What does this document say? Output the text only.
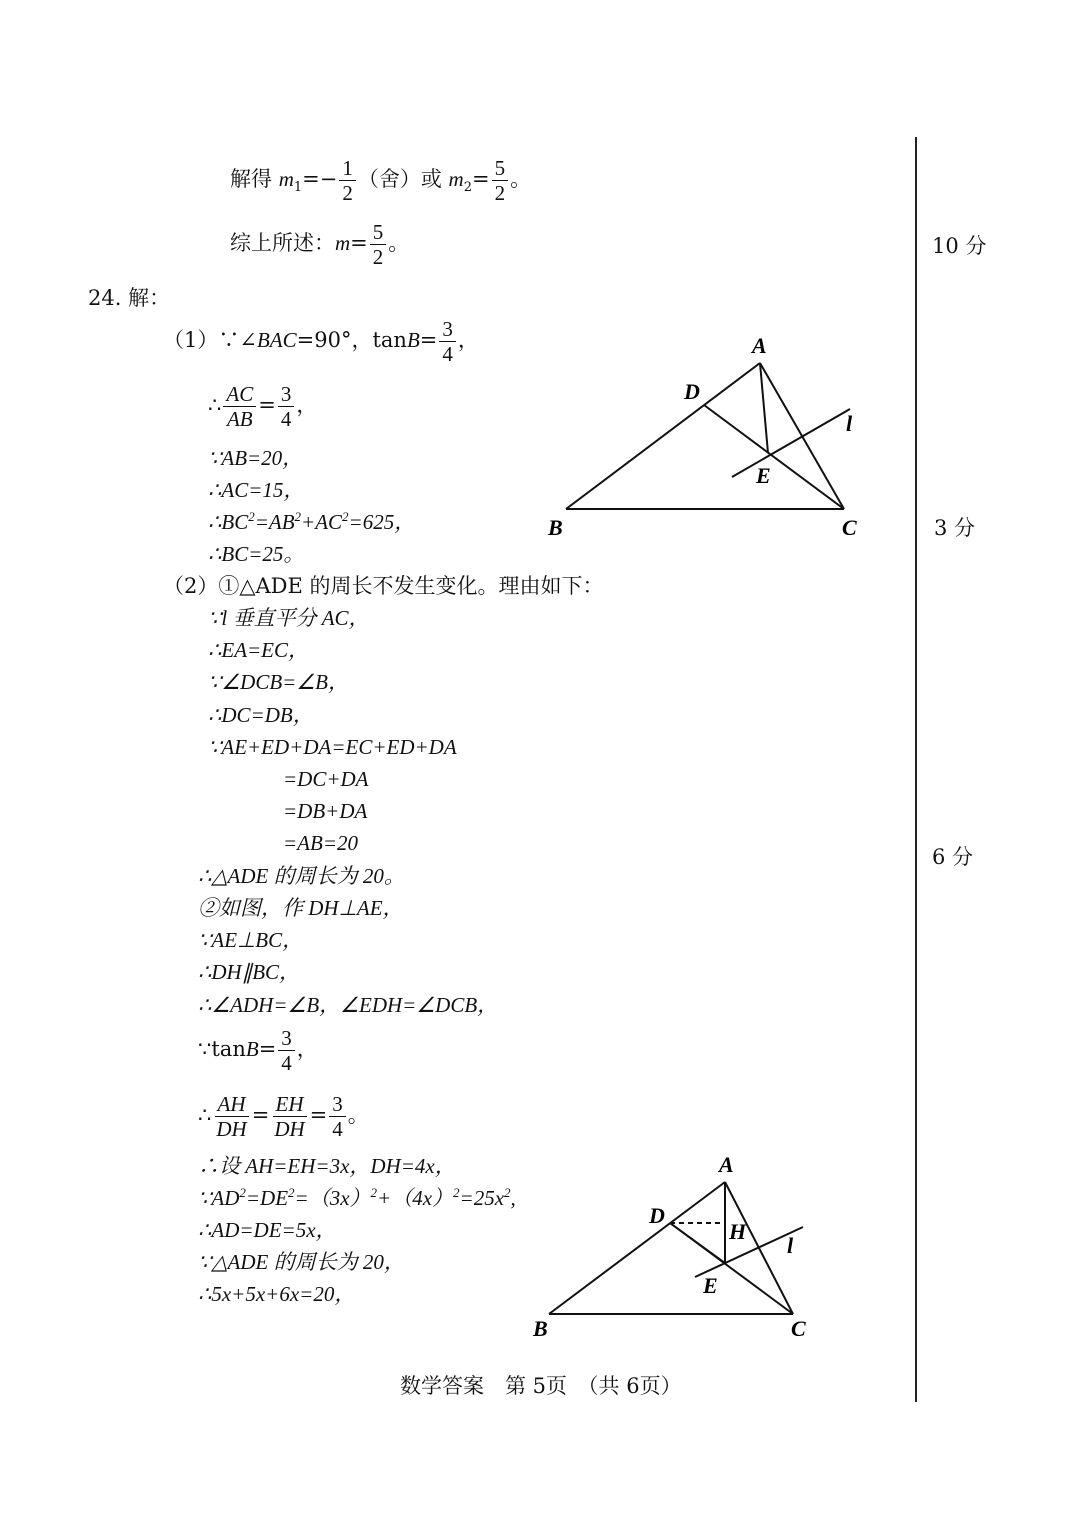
解得 $m_1=- \frac{1}{2}$ （舍）或 $m_2= \frac{5}{2}$ 。
综上所述：$m= \frac{5}{2}$ 。
24. 解：
（1）∵∠BAC=90°，$\tan B= \frac{3}{4}$ ，
∴ $\frac{AC}{AB} = \frac{3}{4}$ ，
∵AB=20，
∴AC=15，
$\therefore BC^2=AB^2+AC^2=625$，
∴BC=25。
（2）①△ADE 的周长不发生变化。理由如下：
∵l 垂直平分 AC，
∴EA=EC，
∵∠DCB=∠B，
∴DC=DB，
∵AE+ED+DA=EC+ED+DA
=DC+DA
=DB+DA
=AB=20
∴△ADE 的周长为 20。
②如图，作 DH⊥AE，
∵AE⊥BC，
∴DH∥BC，
∴∠ADH=∠B，∠EDH=∠DCB，
∵tanB= $\frac{3}{4}$ ，
∴ $\frac{AH}{DH} = \frac{EH}{DH} = \frac{3}{4}$ 。
∴设 AH=EH=3x，DH=4x，
$\because AD^2=DE^2=(3x)^2+(4x)^2=25x^2$,
∴AD=DE=5x，
∵△ADE 的周长为 20，
∴5x+5x+6x=20，
10 分
3 分
6 分
A
D
l
E
B	C
A
D
H
l
E
B	C
数学答案　第 5页　（共 6页）
